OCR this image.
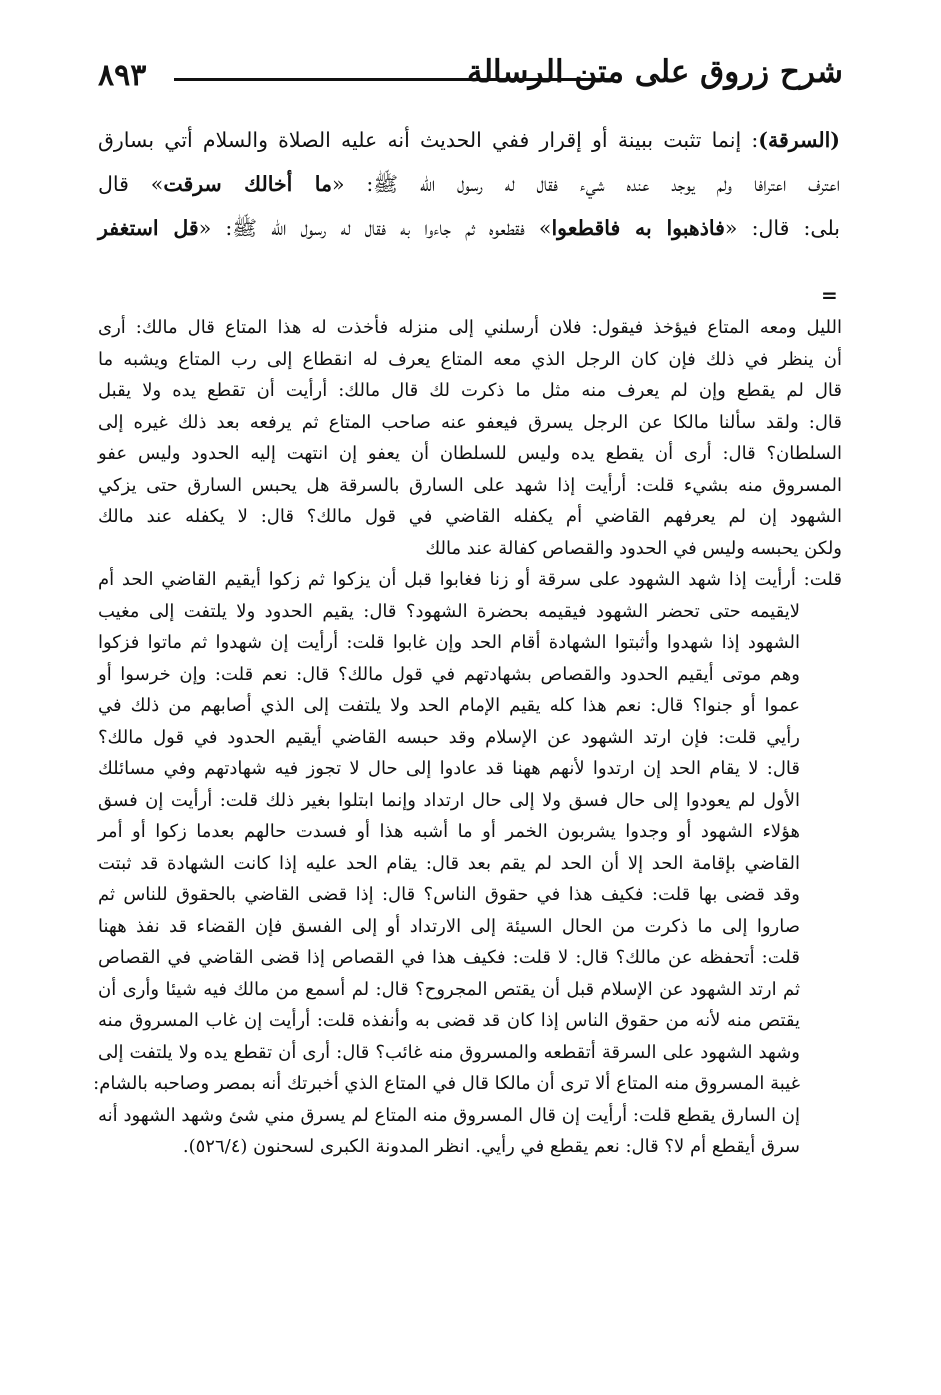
٨٩٣	شرح زروق على متن الرسالة
(السرقة): إنما تثبت ببينة أو إقرار ففي الحديث أنه عليه الصلاة والسلام أتي بسارق
اعترف اعترافا ولم يوجد عنده شيء فقال له رسول الله ﷺ: «ما أخالك سرقت» قال
بلى: قال: «فاذهبوا به فاقطعوا» فقطعوه ثم جاءوا به فقال له رسول الله ﷺ: «قل استغفر
=
الليل ومعه المتاع فيؤخذ فيقول: فلان أرسلني إلى منزله فأخذت له هذا المتاع قال مالك: أرى
أن ينظر في ذلك فإن كان الرجل الذي معه المتاع يعرف له انقطاع إلى رب المتاع ويشبه ما
قال لم يقطع وإن لم يعرف منه مثل ما ذكرت لك قال مالك: أرأيت أن تقطع يده ولا يقبل
قال: ولقد سألنا مالكا عن الرجل يسرق فيعفو عنه صاحب المتاع ثم يرفعه بعد ذلك غيره إلى
السلطان؟ قال: أرى أن يقطع يده وليس للسلطان أن يعفو إن انتهت إليه الحدود وليس عفو
المسروق منه بشيء قلت: أرأيت إذا شهد على السارق بالسرقة هل يحبس السارق حتى يزكي
الشهود إن لم يعرفهم القاضي أم يكفله القاضي في قول مالك؟ قال: لا يكفله عند مالك
ولكن يحبسه وليس في الحدود والقصاص كفالة عند مالك
قلت: أرأيت إذا شهد الشهود على سرقة أو زنا فغابوا قبل أن يزكوا ثم زكوا أيقيم القاضي الحد أم
لايقيمه حتى تحضر الشهود فيقيمه بحضرة الشهود؟ قال: يقيم الحدود ولا يلتفت إلى مغيب
الشهود إذا شهدوا وأثبتوا الشهادة أقام الحد وإن غابوا قلت: أرأيت إن شهدوا ثم ماتوا فزكوا
وهم موتى أيقيم الحدود والقصاص بشهادتهم في قول مالك؟ قال: نعم قلت: وإن خرسوا أو
عموا أو جنوا؟ قال: نعم هذا كله يقيم الإمام الحد ولا يلتفت إلى الذي أصابهم من ذلك في
رأيي قلت: فإن ارتد الشهود عن الإسلام وقد حبسه القاضي أيقيم الحدود في قول مالك؟
قال: لا يقام الحد إن ارتدوا لأنهم ههنا قد عادوا إلى حال لا تجوز فيه شهادتهم وفي مسائلك
الأول لم يعودوا إلى حال فسق ولا إلى حال ارتداد وإنما ابتلوا بغير ذلك قلت: أرأيت إن فسق
هؤلاء الشهود أو وجدوا يشربون الخمر أو ما أشبه هذا أو فسدت حالهم بعدما زكوا أو أمر
القاضي بإقامة الحد إلا أن الحد لم يقم بعد قال: يقام الحد عليه إذا كانت الشهادة قد ثبتت
وقد قضى بها قلت: فكيف هذا في حقوق الناس؟ قال: إذا قضى القاضي بالحقوق للناس ثم
صاروا إلى ما ذكرت من الحال السيئة إلى الارتداد أو إلى الفسق فإن القضاء قد نفذ ههنا
قلت: أتحفظه عن مالك؟ قال: لا قلت: فكيف هذا في القصاص إذا قضى القاضي في القصاص
ثم ارتد الشهود عن الإسلام قبل أن يقتص المجروح؟ قال: لم أسمع من مالك فيه شيئا وأرى أن
يقتص منه لأنه من حقوق الناس إذا كان قد قضى به وأنفذه قلت: أرأيت إن غاب المسروق منه
وشهد الشهود على السرقة أتقطعه والمسروق منه غائب؟ قال: أرى أن تقطع يده ولا يلتفت إلى
غيبة المسروق منه المتاع ألا ترى أن مالكا قال في المتاع الذي أخبرتك أنه بمصر وصاحبه بالشام:
إن السارق يقطع قلت: أرأيت إن قال المسروق منه المتاع لم يسرق مني شئ وشهد الشهود أنه
سرق أيقطع أم لا؟ قال: نعم يقطع في رأيي. انظر المدونة الكبرى لسحنون (٥٢٦/٤).
